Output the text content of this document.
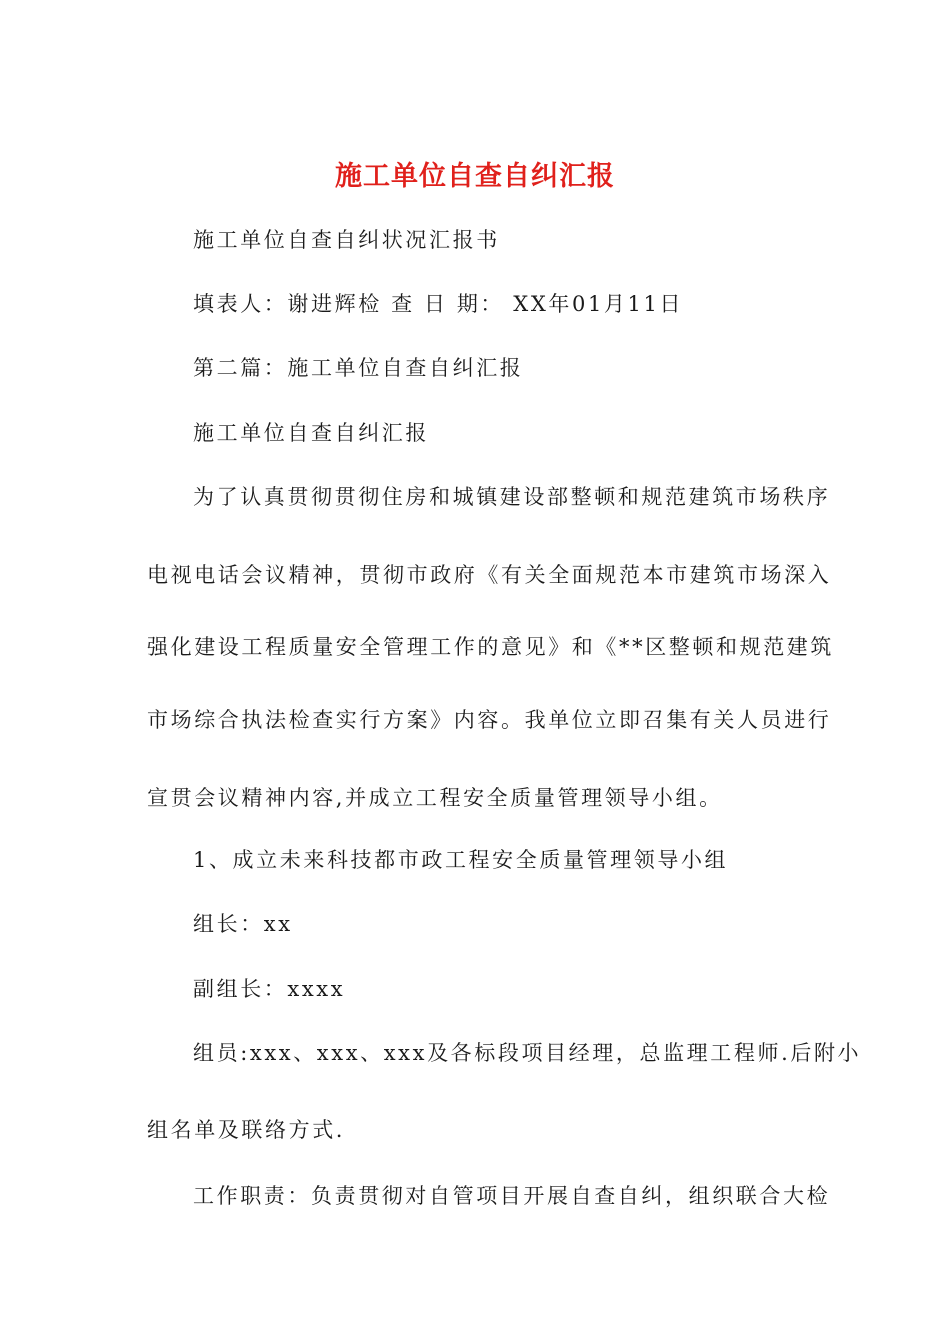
施工单位自查自纠汇报
施工单位自查自纠状况汇报书
填表人：谢进辉检 查 日 期： XX年01月11日
第二篇：施工单位自查自纠汇报
施工单位自查自纠汇报
为了认真贯彻贯彻住房和城镇建设部整顿和规范建筑市场秩序
电视电话会议精神，贯彻市政府《有关全面规范本市建筑市场深入
强化建设工程质量安全管理工作的意见》和《**区整顿和规范建筑
市场综合执法检查实行方案》内容。我单位立即召集有关人员进行
宣贯会议精神内容,并成立工程安全质量管理领导小组。
1、成立未来科技都市政工程安全质量管理领导小组
组长：xx
副组长：xxxx
组员:xxx、xxx、xxx及各标段项目经理，总监理工程师.后附小
组名单及联络方式.
工作职责：负责贯彻对自管项目开展自查自纠，组织联合大检
